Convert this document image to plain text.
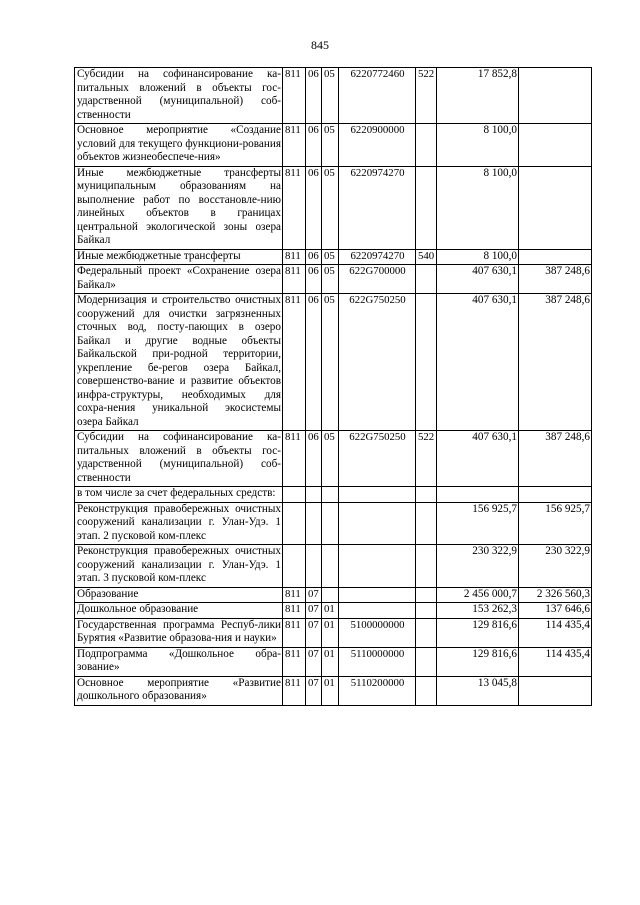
845
Субсидии на софинансирование ка-питальных вложений в объекты гос-ударственной (муниципальной) соб-ственности	811	06	05	6220772460	522	17 852,8	
Основное мероприятие «Создание условий для текущего функциони-рования объектов жизнеобеспече-ния»	811	06	05	6220900000		8 100,0	
Иные межбюджетные трансферты муниципальным образованиям на выполнение работ по восстановле-нию линейных объектов в границах центральной экологической зоны озера Байкал	811	06	05	6220974270		8 100,0	
Иные межбюджетные трансферты	811	06	05	6220974270	540	8 100,0	
Федеральный проект «Сохранение озера Байкал»	811	06	05	622G700000		407 630,1	387 248,6
Модернизация и строительство очистных сооружений для очистки загрязненных сточных вод, посту-пающих в озеро Байкал и другие водные объекты Байкальской при-родной территории, укрепление бе-регов озера Байкал, совершенство-вание и развитие объектов инфра-структуры, необходимых для сохра-нения уникальной экосистемы озера Байкал	811	06	05	622G750250		407 630,1	387 248,6
Субсидии на софинансирование ка-питальных вложений в объекты гос-ударственной (муниципальной) соб-ственности	811	06	05	622G750250	522	407 630,1	387 248,6
в том числе за счет федеральных средств:							
Реконструкция правобережных очистных сооружений канализации г. Улан-Удэ. 1 этап. 2 пусковой ком-плекс						156 925,7	156 925,7
Реконструкция правобережных очистных сооружений канализации г. Улан-Удэ. 1 этап. 3 пусковой ком-плекс						230 322,9	230 322,9
Образование	811	07				2 456 000,7	2 326 560,3
Дошкольное образование	811	07	01			153 262,3	137 646,6
Государственная программа Респуб-лики Бурятия «Развитие образова-ния и науки»	811	07	01	5100000000		129 816,6	114 435,4
Подпрограмма «Дошкольное обра-зование»	811	07	01	5110000000		129 816,6	114 435,4
Основное мероприятие «Развитие дошкольного образования»	811	07	01	5110200000		13 045,8	
